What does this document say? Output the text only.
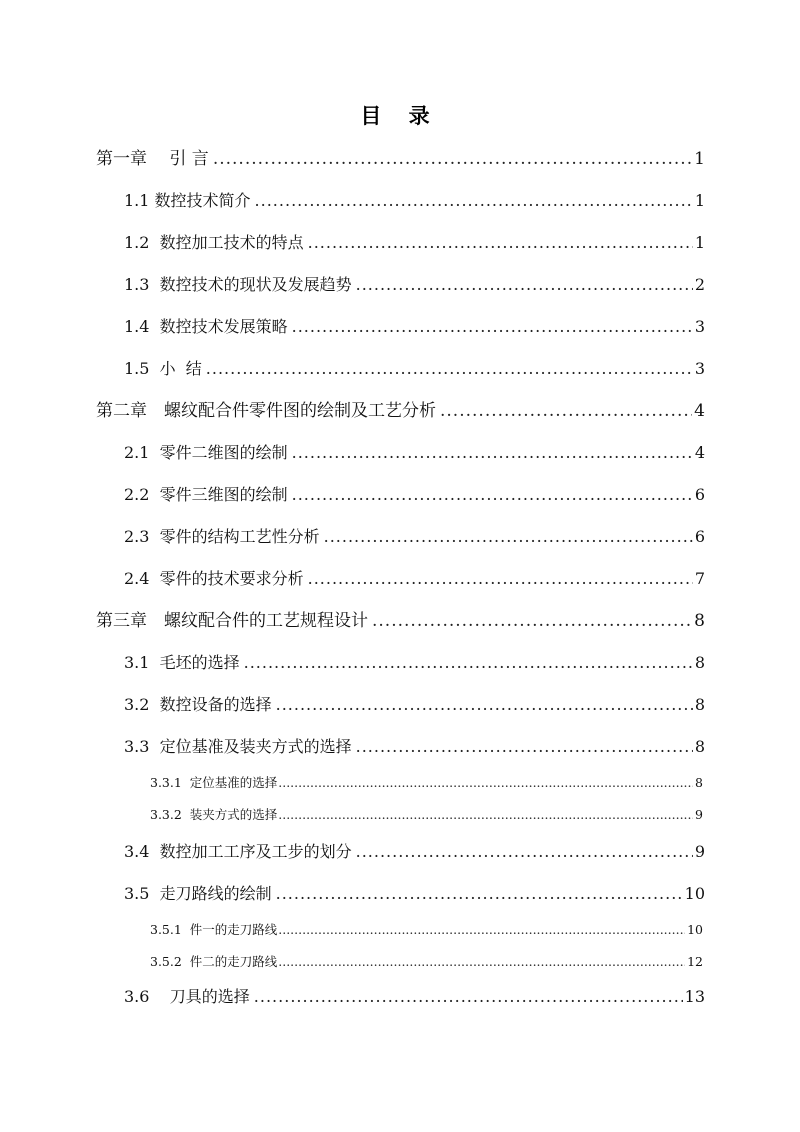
目 录
第一章　 引 言 .....	1
1.1 数控技术简介 .....	1
1.2  数控加工技术的特点 .....	1
1.3  数控技术的现状及发展趋势 .....	2
1.4  数控技术发展策略 .....	3
1.5  小  结 .....	3
第二章　螺纹配合件零件图的绘制及工艺分析 .....	4
2.1  零件二维图的绘制 .....	4
2.2  零件三维图的绘制 .....	6
2.3  零件的结构工艺性分析 .....	6
2.4  零件的技术要求分析 .....	7
第三章　螺纹配合件的工艺规程设计 .....	8
3.1  毛坯的选择 .....	8
3.2  数控设备的选择 .....	8
3.3  定位基准及装夹方式的选择 .....	8
3.3.1  定位基准的选择 .....	8
3.3.2  装夹方式的选择 .....	9
3.4  数控加工工序及工步的划分 .....	9
3.5  走刀路线的绘制 .....	10
3.5.1  件一的走刀路线 .....	10
3.5.2  件二的走刀路线 .....	12
3.6    刀具的选择 .....	13
